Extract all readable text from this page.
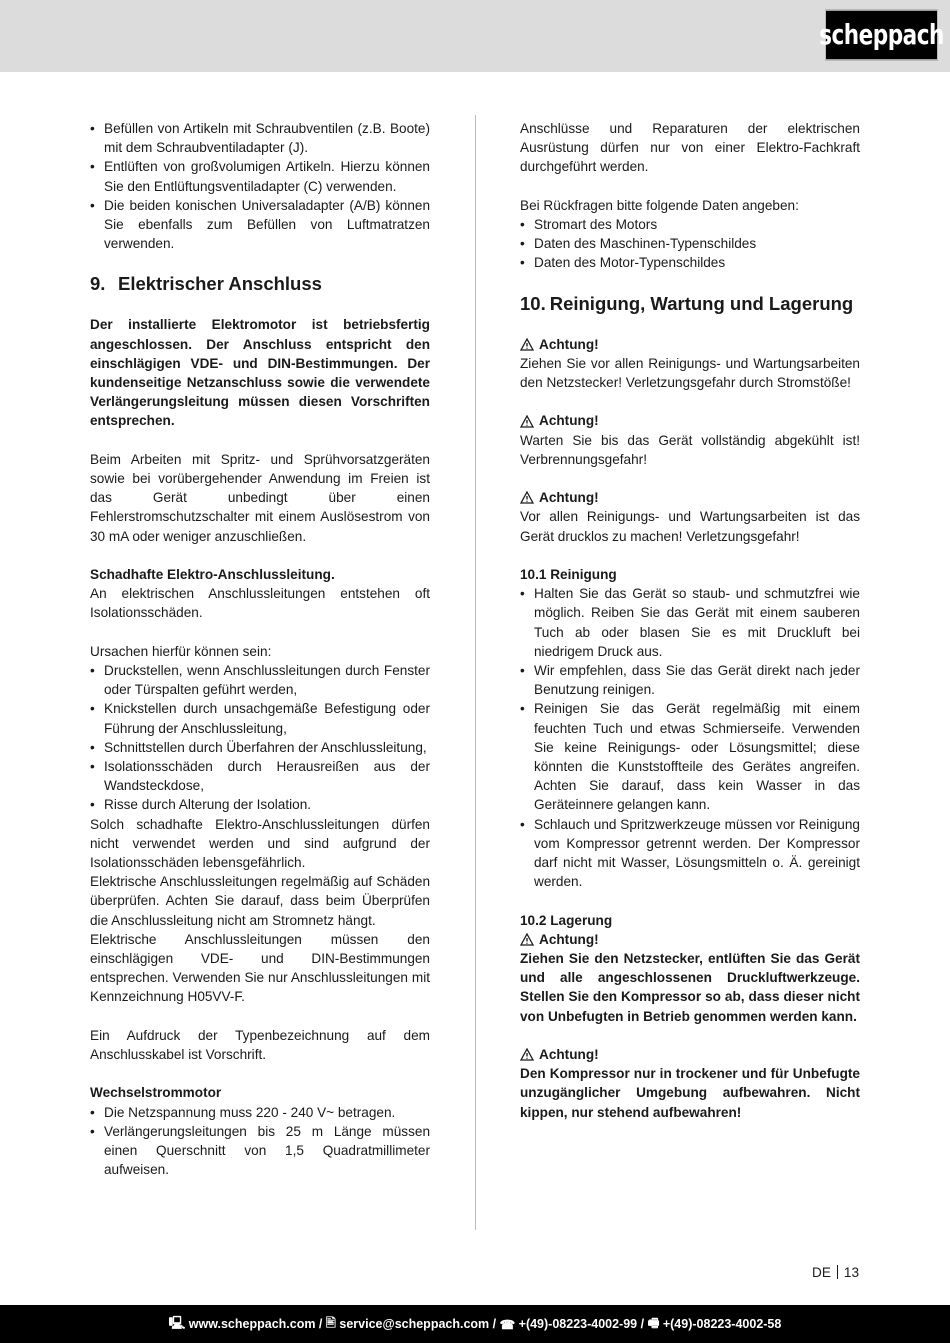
scheppach
• Befüllen von Artikeln mit Schraubventilen (z.B. Boote) mit dem Schraubventiladapter (J).
• Entlüften von großvolumigen Artikeln. Hierzu können Sie den Entlüftungsventiladapter (C) verwenden.
• Die beiden konischen Universaladapter (A/B) können Sie ebenfalls zum Befüllen von Luftmatratzen verwenden.
9. Elektrischer Anschluss

Der installierte Elektromotor ist betriebsfertig angeschlossen. Der Anschluss entspricht den einschlägigen VDE- und DIN-Bestimmungen. Der kundenseitige Netzanschluss sowie die verwendete Verlängerungsleitung müssen diesen Vorschriften entsprechen.

Beim Arbeiten mit Spritz- und Sprühvorsatzgeräten sowie bei vorübergehender Anwendung im Freien ist das Gerät unbedingt über einen Fehlerstromschutzschalter mit einem Auslösestrom von 30 mA oder weniger anzuschließen.

Schadhafte Elektro-Anschlussleitung.

An elektrischen Anschlussleitungen entstehen oft Isolationsschäden.

Ursachen hierfür können sein:

• Druckstellen, wenn Anschlussleitungen durch Fenster oder Türspalten geführt werden,
• Knickstellen durch unsachgemäße Befestigung oder Führung der Anschlussleitung,
• Schnittstellen durch Überfahren der Anschlussleitung,
• Isolationsschäden durch Herausreißen aus der Wandsteckdose,
• Risse durch Alterung der Isolation.

Solch schadhafte Elektro-Anschlussleitungen dürfen nicht verwendet werden und sind aufgrund der Isolationsschäden lebensgefährlich.

Elektrische Anschlussleitungen regelmäßig auf Schäden überprüfen. Achten Sie darauf, dass beim Überprüfen die Anschlussleitung nicht am Stromnetz hängt.

Elektrische Anschlussleitungen müssen den einschlägigen VDE- und DIN-Bestimmungen entsprechen. Verwenden Sie nur Anschlussleitungen mit Kennzeichnung H05VV-F.

Ein Aufdruck der Typenbezeichnung auf dem Anschlusskabel ist Vorschrift.

Wechselstrommotor

• Die Netzspannung muss 220 - 240 V~ betragen.
• Verlängerungsleitungen bis 25 m Länge müssen einen Querschnitt von 1,5 Quadratmillimeter aufweisen.

Anschlüsse und Reparaturen der elektrischen Ausrüstung dürfen nur von einer Elektro-Fachkraft durchgeführt werden.

Bei Rückfragen bitte folgende Daten angeben:

• Stromart des Motors
• Daten des Maschinen-Typenschildes
• Daten des Motor-Typenschildes
10. Reinigung, Wartung und Lagerung
Achtung!

Ziehen Sie vor allen Reinigungs- und Wartungsarbeiten den Netzstecker! Verletzungsgefahr durch Stromstöße!

Achtung!

Warten Sie bis das Gerät vollständig abgekühlt ist! Verbrennungsgefahr!

Achtung!

Vor allen Reinigungs- und Wartungsarbeiten ist das Gerät drucklos zu machen! Verletzungsgefahr!

10.1 Reinigung

• Halten Sie das Gerät so staub- und schmutzfrei wie möglich. Reiben Sie das Gerät mit einem sauberen Tuch ab oder blasen Sie es mit Druckluft bei niedrigem Druck aus.
• Wir empfehlen, dass Sie das Gerät direkt nach jeder Benutzung reinigen.
• Reinigen Sie das Gerät regelmäßig mit einem feuchten Tuch und etwas Schmierseife. Verwenden Sie keine Reinigungs- oder Lösungsmittel; diese könnten die Kunststoffteile des Gerätes angreifen. Achten Sie darauf, dass kein Wasser in das Geräteinnere gelangen kann.
• Schlauch und Spritzwerkzeuge müssen vor Reinigung vom Kompressor getrennt werden. Der Kompressor darf nicht mit Wasser, Lösungsmitteln o. Ä. gereinigt werden.

10.2 Lagerung

Achtung!

Ziehen Sie den Netzstecker, entlüften Sie das Gerät und alle angeschlossenen Druckluftwerkzeuge. Stellen Sie den Kompressor so ab, dass dieser nicht von Unbefugten in Betrieb genommen werden kann.

Achtung!

Den Kompressor nur in trockener und für Unbefugte unzugänglicher Umgebung aufbewahren. Nicht kippen, nur stehend aufbewahren!

DE 13
🖳 www.scheppach.com / 🖹 service@scheppach.com / ☎ +(49)-08223-4002-99 / 🖷 +(49)-08223-4002-58
